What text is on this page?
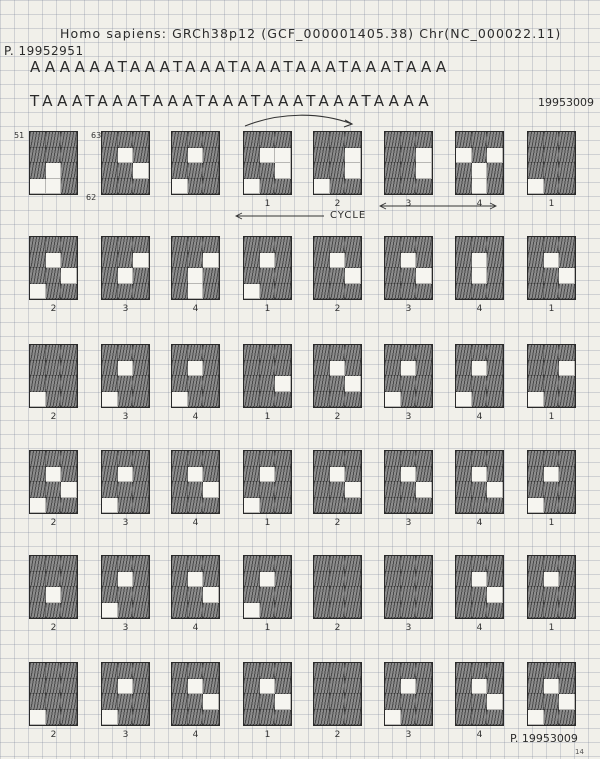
Homo sapiens: GRCh38p12 (GCF_000001405.38) Chr(NC_000022.11)
P. 19952951
AAAAAATAAATAAATAAATAAATAAATAAA
TAAATAAATAAATAAATAAATAAATAAAA	19953009
51
62
63
CYCLE
1	2	3	4	1
2	3	4	1	2	3	4	1
2	3	4	1	2	3	4	1
2	3	4	1	2	3	4	1
2	3	4	1	2	3	4	1
2	3	4	1	2	3	4	P. 19953009
14
